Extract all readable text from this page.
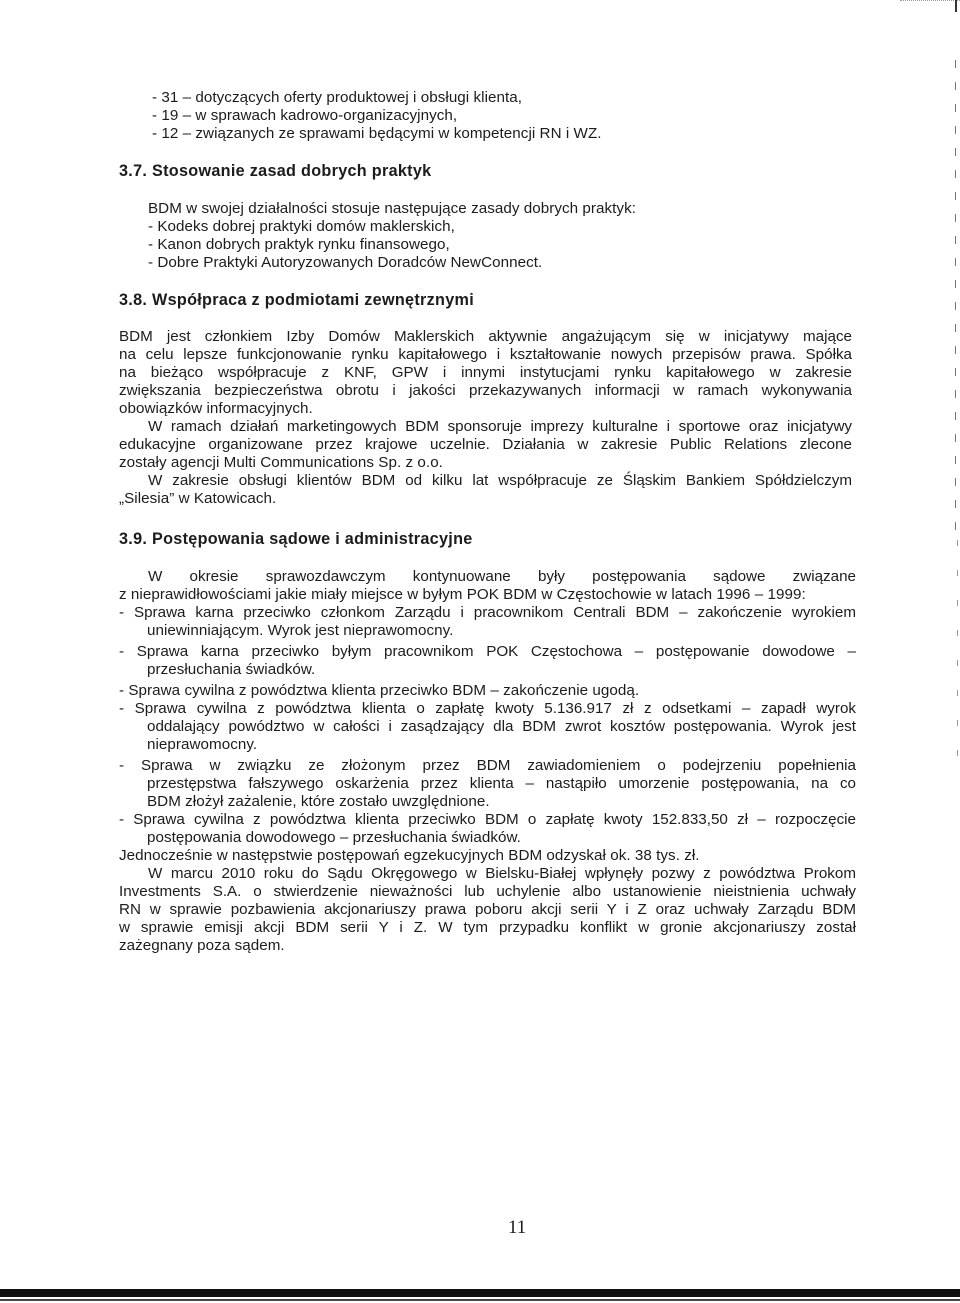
- 31 – dotyczących oferty produktowej i obsługi klienta,
- 19 – w sprawach kadrowo-organizacyjnych,
- 12 – związanych ze sprawami będącymi w kompetencji RN i WZ.
3.7. Stosowanie zasad dobrych praktyk
BDM w swojej działalności stosuje następujące zasady dobrych praktyk:
- Kodeks dobrej praktyki domów maklerskich,
- Kanon dobrych praktyk rynku finansowego,
- Dobre Praktyki Autoryzowanych Doradców NewConnect.
3.8. Współpraca z podmiotami zewnętrznymi
BDM jest członkiem Izby Domów Maklerskich aktywnie angażującym się w inicjatywy mające
na celu lepsze funkcjonowanie rynku kapitałowego i kształtowanie nowych przepisów prawa. Spółka
na bieżąco współpracuje z KNF, GPW i innymi instytucjami rynku kapitałowego w zakresie
zwiększania bezpieczeństwa obrotu i jakości przekazywanych informacji w ramach wykonywania
obowiązków informacyjnych.
W ramach działań marketingowych BDM sponsoruje imprezy kulturalne i sportowe oraz inicjatywy
edukacyjne organizowane przez krajowe uczelnie. Działania w zakresie Public Relations zlecone
zostały agencji Multi Communications Sp. z o.o.
W zakresie obsługi klientów BDM od kilku lat współpracuje ze Śląskim Bankiem Spółdzielczym
„Silesia” w Katowicach.
3.9. Postępowania sądowe i administracyjne
W okresie sprawozdawczym kontynuowane były postępowania sądowe związane
z nieprawidłowościami jakie miały miejsce w byłym POK BDM w Częstochowie w latach 1996 – 1999:
- Sprawa karna przeciwko członkom Zarządu i pracownikom Centrali BDM – zakończenie wyrokiem
uniewinniającym. Wyrok jest nieprawomocny.
- Sprawa karna przeciwko byłym pracownikom POK Częstochowa – postępowanie dowodowe –
przesłuchania świadków.
- Sprawa cywilna z powództwa klienta przeciwko BDM – zakończenie ugodą.
- Sprawa cywilna z powództwa klienta o zapłatę kwoty 5.136.917 zł z odsetkami – zapadł wyrok
oddalający powództwo w całości i zasądzający dla BDM zwrot kosztów postępowania. Wyrok jest
nieprawomocny.
- Sprawa w związku ze złożonym przez BDM zawiadomieniem o podejrzeniu popełnienia
przestępstwa fałszywego oskarżenia przez klienta – nastąpiło umorzenie postępowania, na co
BDM złożył zażalenie, które zostało uwzględnione.
- Sprawa cywilna z powództwa klienta przeciwko BDM o zapłatę kwoty 152.833,50 zł – rozpoczęcie
postępowania dowodowego – przesłuchania świadków.
Jednocześnie w następstwie postępowań egzekucyjnych BDM odzyskał ok. 38 tys. zł.
W marcu 2010 roku do Sądu Okręgowego w Bielsku-Białej wpłynęły pozwy z powództwa Prokom
Investments S.A. o stwierdzenie nieważności lub uchylenie albo ustanowienie nieistnienia uchwały
RN w sprawie pozbawienia akcjonariuszy prawa poboru akcji serii Y i Z oraz uchwały Zarządu BDM
w sprawie emisji akcji BDM serii Y i Z. W tym przypadku konflikt w gronie akcjonariuszy został
zażegnany poza sądem.
11
